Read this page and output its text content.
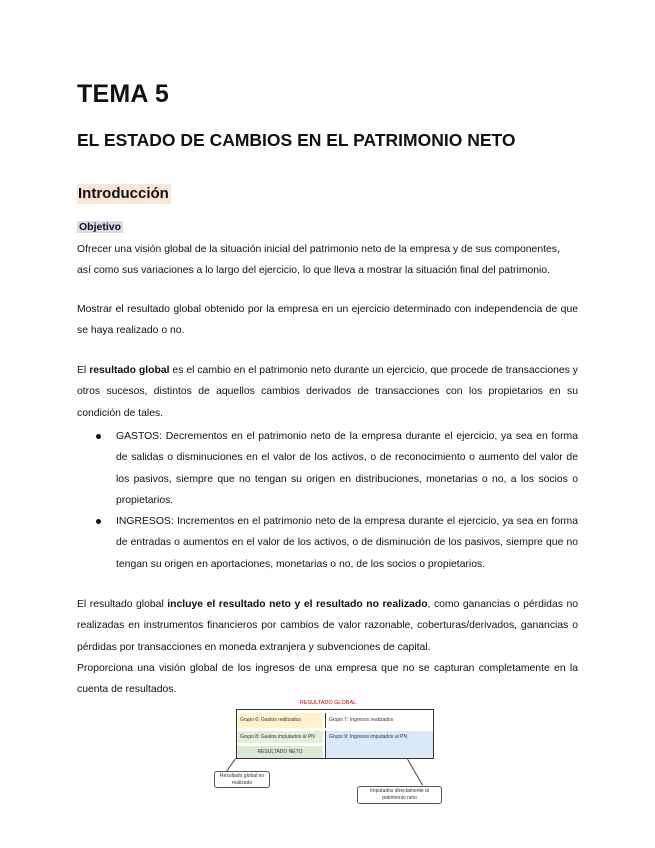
TEMA 5
EL ESTADO DE CAMBIOS EN EL PATRIMONIO NETO
Introducción
Objetivo

Ofrecer una visión global de la situación inicial del patrimonio neto de la empresa y de sus componentes,

así como sus variaciones a lo largo del ejercicio, lo que lleva a mostrar la situación final del patrimonio.

Mostrar el resultado global obtenido por la empresa en un ejercicio determinado con independencia de que se haya realizado o no.
El resultado global es el cambio en el patrimonio neto durante un ejercicio, que procede de transacciones y otros sucesos, distintos de aquellos cambios derivados de transacciones con los propietarios en su condición de tales.
GASTOS: Decrementos en el patrimonio neto de la empresa durante el ejercicio, ya sea en forma de salidas o disminuciones en el valor de los activos, o de reconocimiento o aumento del valor de los pasivos, siempre que no tengan su origen en distribuciones, monetarias o no, a los socios o propietarios.
INGRESOS: Incrementos en el patrimonio neto de la empresa durante el ejercicio, ya sea en forma de entradas o aumentos en el valor de los activos, o de disminución de los pasivos, siempre que no tengan su origen en aportaciones, monetarias o no, de los socios o propietarios.
El resultado global incluye el resultado neto y el resultado no realizado, como ganancias o pérdidas no realizadas en instrumentos financieros por cambios de valor razonable, coberturas/derivados, ganancias o pérdidas por transacciones en moneda extranjera y subvenciones de capital.
Proporciona una visión global de los ingresos de una empresa que no se capturan completamente en la cuenta de resultados.
RESULTADO GLOBAL
Grupo 6: Gastos realizados	Grupo 7: Ingresos realizados
Grupo 8: Gastos imputados al PN	Grupo 9: Ingresos imputados al PN
RESULTADO NETO
Resultado global no realizado
Imputados directamente al patrimonio neto
